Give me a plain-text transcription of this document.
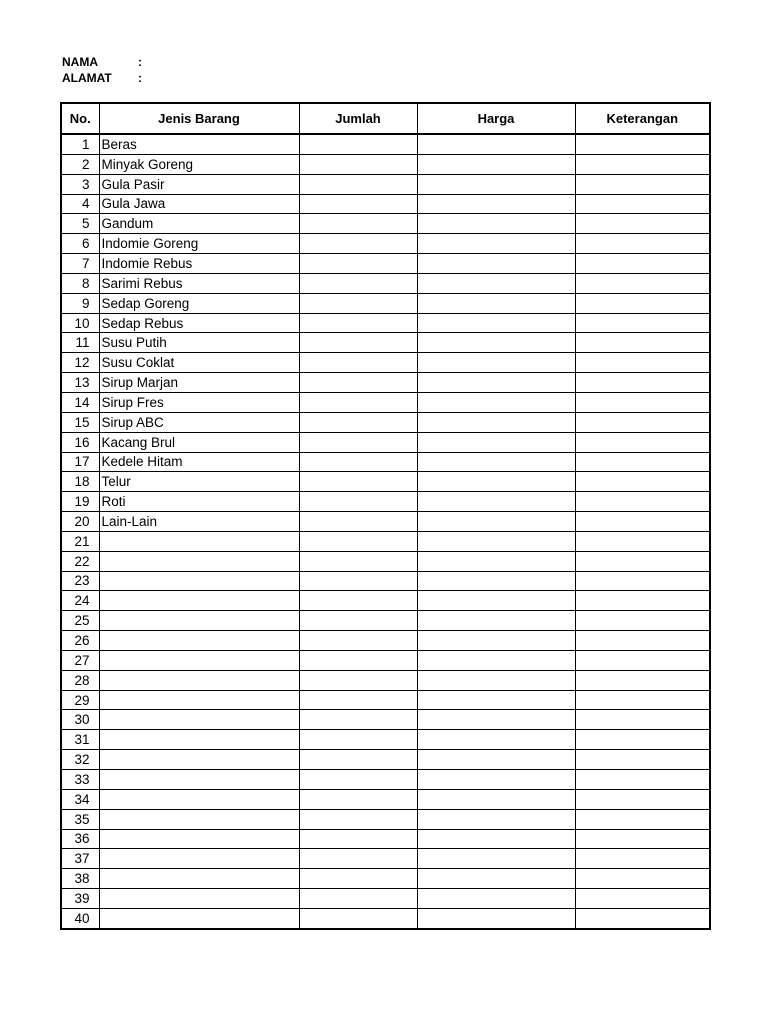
NAMA	:
ALAMAT	:
No.	Jenis Barang	Jumlah	Harga	Keterangan
1	Beras			
2	Minyak Goreng			
3	Gula Pasir			
4	Gula Jawa			
5	Gandum			
6	Indomie Goreng			
7	Indomie Rebus			
8	Sarimi Rebus			
9	Sedap Goreng			
10	Sedap Rebus			
11	Susu Putih			
12	Susu Coklat			
13	Sirup Marjan			
14	Sirup Fres			
15	Sirup ABC			
16	Kacang Brul			
17	Kedele Hitam			
18	Telur			
19	Roti			
20	Lain-Lain			
21				
22				
23				
24				
25				
26				
27				
28				
29				
30				
31				
32				
33				
34				
35				
36				
37				
38				
39				
40				
